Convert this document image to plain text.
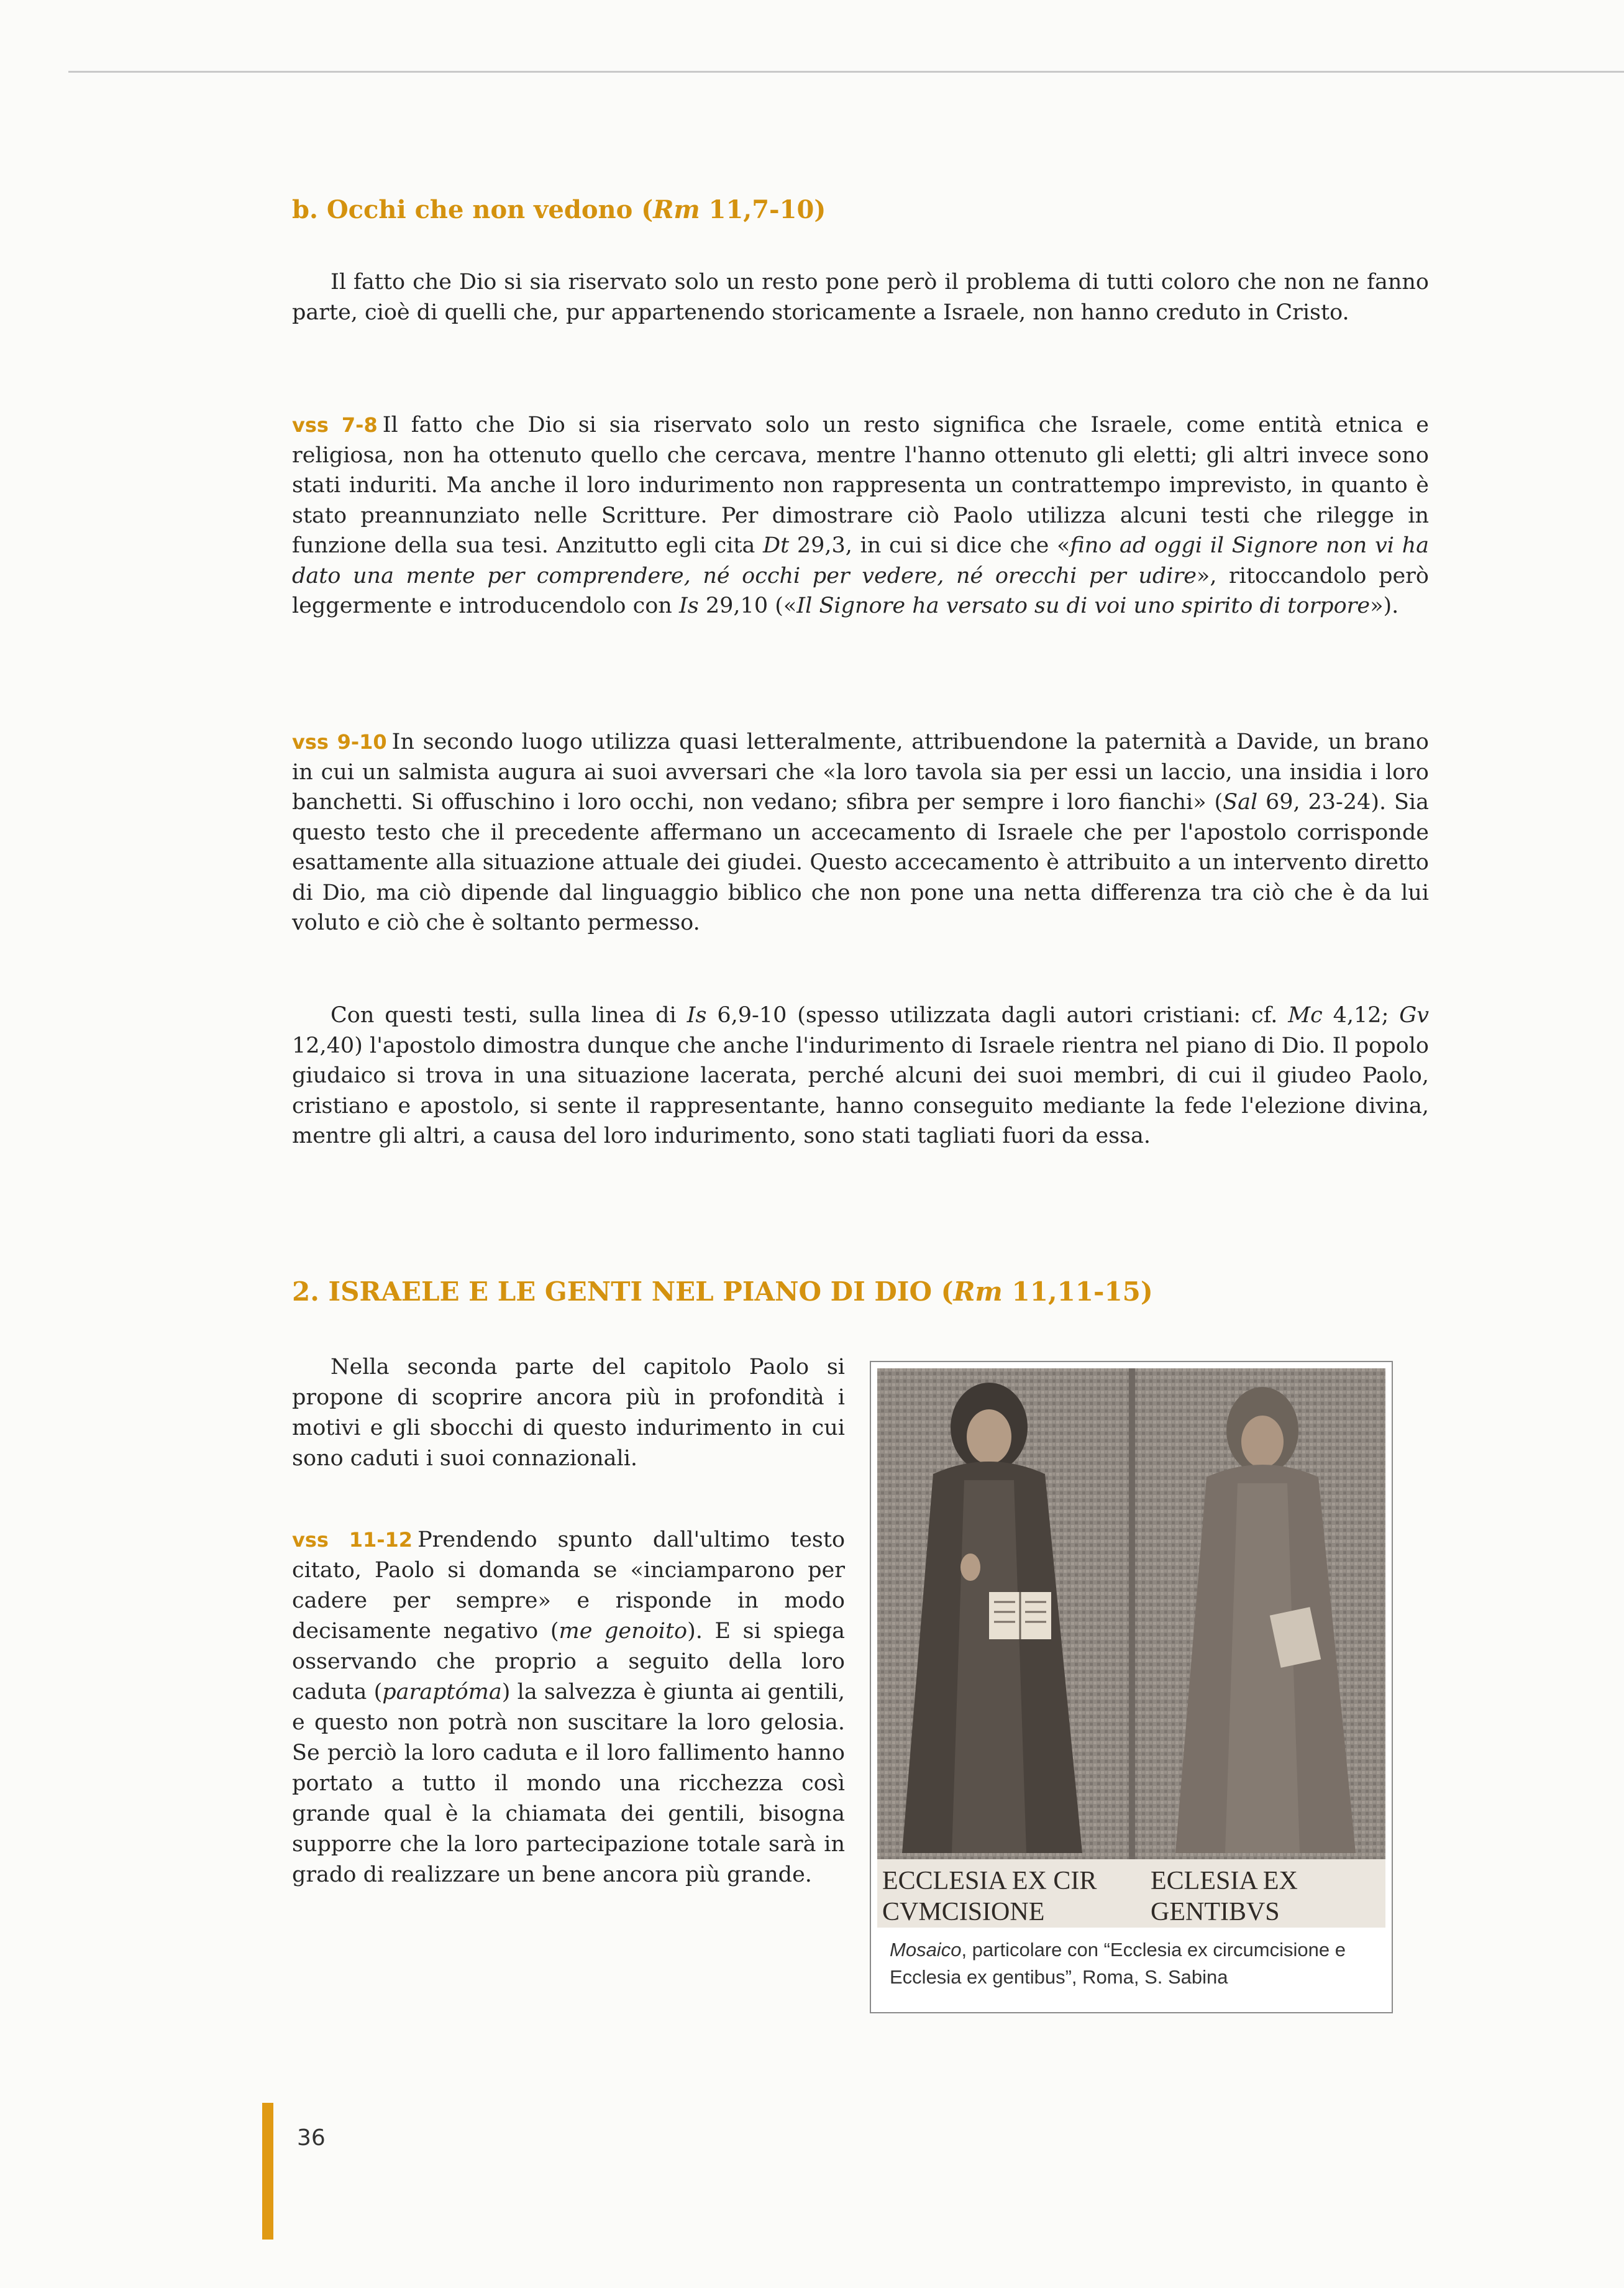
b. Occhi che non vedono (Rm 11,7-10)

Il fatto che Dio si sia riservato solo un resto pone però il problema di tutti coloro che non ne fanno parte, cioè di quelli che, pur appartenendo storicamente a Israele, non hanno creduto in Cristo.

vss 7-8 Il fatto che Dio si sia riservato solo un resto significa che Israele, come entità etnica e religiosa, non ha ottenuto quello che cercava, mentre l'hanno ottenuto gli eletti; gli altri invece sono stati induriti. Ma anche il loro indurimento non rappresenta un contrattempo imprevisto, in quanto è stato preannunziato nelle Scritture. Per dimostrare ciò Paolo utilizza alcuni testi che rilegge in funzione della sua tesi. Anzitutto egli cita Dt 29,3, in cui si dice che «fino ad oggi il Signore non vi ha dato una mente per comprendere, né occhi per vedere, né orecchi per udire», ritoccandolo però leggermente e introducendolo con Is 29,10 («Il Signore ha versato su di voi uno spirito di torpore»).

vss 9-10 In secondo luogo utilizza quasi letteralmente, attribuendone la paternità a Davide, un brano in cui un salmista augura ai suoi avversari che «la loro tavola sia per essi un laccio, una insidia i loro banchetti. Si offuschino i loro occhi, non vedano; sfibra per sempre i loro fianchi» (Sal 69, 23-24). Sia questo testo che il precedente affermano un accecamento di Israele che per l'apostolo corrisponde esattamente alla situazione attuale dei giudei. Questo accecamento è attribuito a un intervento diretto di Dio, ma ciò dipende dal linguaggio biblico che non pone una netta differenza tra ciò che è da lui voluto e ciò che è soltanto permesso.

Con questi testi, sulla linea di Is 6,9-10 (spesso utilizzata dagli autori cristiani: cf. Mc 4,12; Gv 12,40) l'apostolo dimostra dunque che anche l'indurimento di Israele rientra nel piano di Dio. Il popolo giudaico si trova in una situazione lacerata, perché alcuni dei suoi membri, di cui il giudeo Paolo, cristiano e apostolo, si sente il rappresentante, hanno conseguito mediante la fede l'elezione divina, mentre gli altri, a causa del loro indurimento, sono stati tagliati fuori da essa.

2. ISRAELE E LE GENTI NEL PIANO DI DIO (Rm 11,11-15)

Nella seconda parte del capitolo Paolo si propone di scoprire ancora più in profondità i motivi e gli sbocchi di questo indurimento in cui sono caduti i suoi connazionali.

vss 11-12 Prendendo spunto dall'ultimo testo citato, Paolo si domanda se «inciamparono per cadere per sempre» e risponde in modo decisamente negativo (me genoito). E si spiega osservando che proprio a seguito della loro caduta (paraptóma) la salvezza è giunta ai gentili, e questo non potrà non suscitare la loro gelosia. Se perciò la loro caduta e il loro fallimento hanno portato a tutto il mondo una ricchezza così grande qual è la chiamata dei gentili, bisogna supporre che la loro partecipazione totale sarà in grado di realizzare un bene ancora più grande.	ECCLESIA EX CIR
CVMCISIONE
ECLESIA EX
GENTIBVS
Mosaico, particolare con “Ecclesia ex circumcisione e Ecclesia ex gentibus”, Roma, S. Sabina
36
